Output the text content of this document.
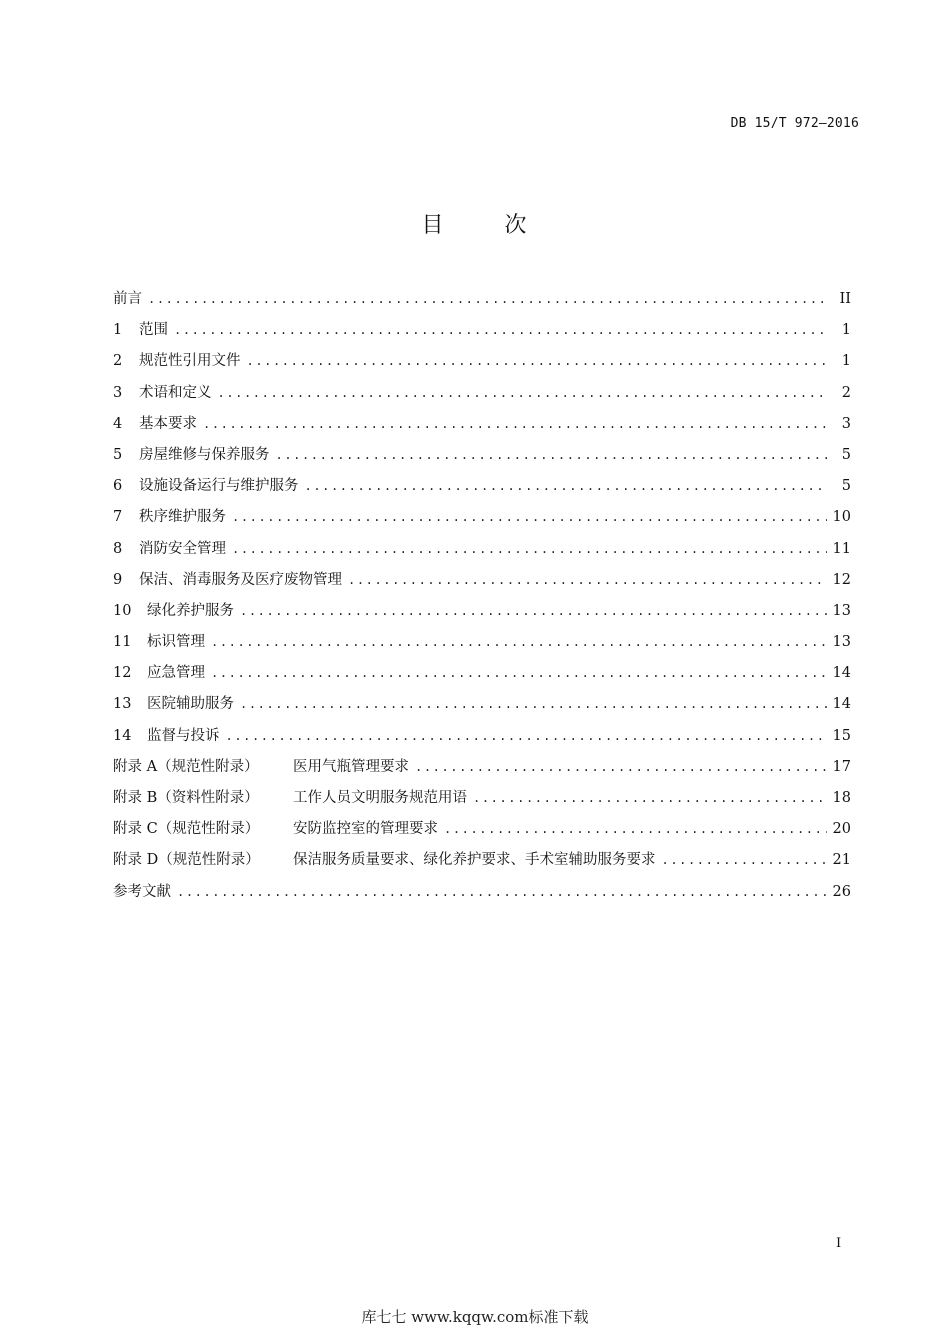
DB 15/T 972—2016
目 次
前言 .....	II
1	范围 .....	1
2	规范性引用文件 .....	1
3	术语和定义 .....	2
4	基本要求 .....	3
5	房屋维修与保养服务 .....	5
6	设施设备运行与维护服务 .....	5
7	秩序维护服务 .....	10
8	消防安全管理 .....	11
9	保洁、消毒服务及医疗废物管理 .....	12
10	绿化养护服务 .....	13
11	标识管理 .....	13
12	应急管理 .....	14
13	医院辅助服务 .....	14
14	监督与投诉 .....	15
附录 A（规范性附录）	医用气瓶管理要求 .....	17
附录 B（资料性附录）	工作人员文明服务规范用语 .....	18
附录 C（规范性附录）	安防监控室的管理要求 .....	20
附录 D（规范性附录）	保洁服务质量要求、绿化养护要求、手术室辅助服务要求 .....	21
参考文献 .....	26
I
库七七 www.kqqw.com标准下载
